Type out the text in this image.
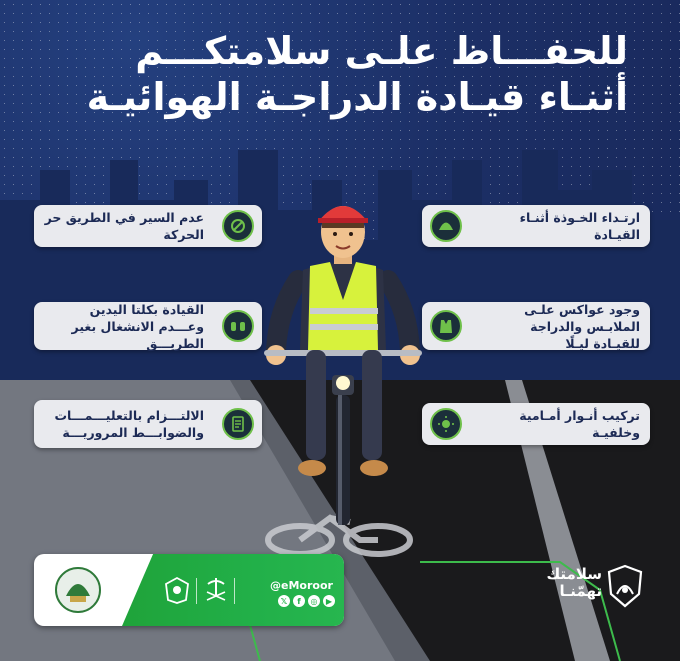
للحفـــاظ علـى سلامتكـــم
أثنـاء قيـادة الدراجـة الهوائيـة
عدم السير في الطريق حر الحركة
القيادة بكلتا اليدين وعـــدم الانشغال بغير الطريـــق
الالتـــزام بالتعليـــمـــات والضوابـــط المروريـــة
ارتـداء الخـوذة أثنـاء القيـادة
وجود عواكس علـى الملابـس والدراجة للقيـادة ليـلًا
تركيب أنـوار أمـامية وخلفيـة
@eMoroor
𝕏	f	◎	▶
سلامتك
تهمّنـا
